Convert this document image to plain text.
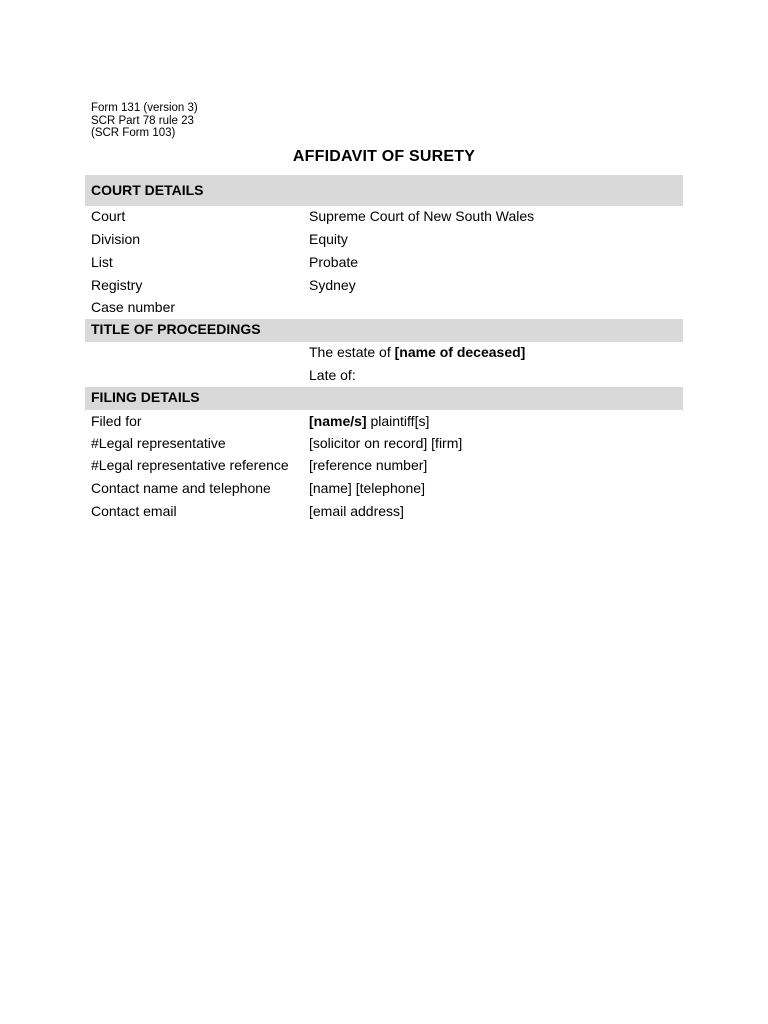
Form 131 (version 3)
SCR Part 78 rule 23
(SCR Form 103)
AFFIDAVIT OF SURETY
COURT DETAILS
Court	Supreme Court of New South Wales
Division	Equity
List	Probate
Registry	Sydney
Case number
TITLE OF PROCEEDINGS
The estate of [name of deceased]
Late of:
FILING DETAILS
Filed for	[name/s] plaintiff[s]
#Legal representative	[solicitor on record] [firm]
#Legal representative reference [reference number]
Contact name and telephone	[name] [telephone]
Contact email	[email address]
